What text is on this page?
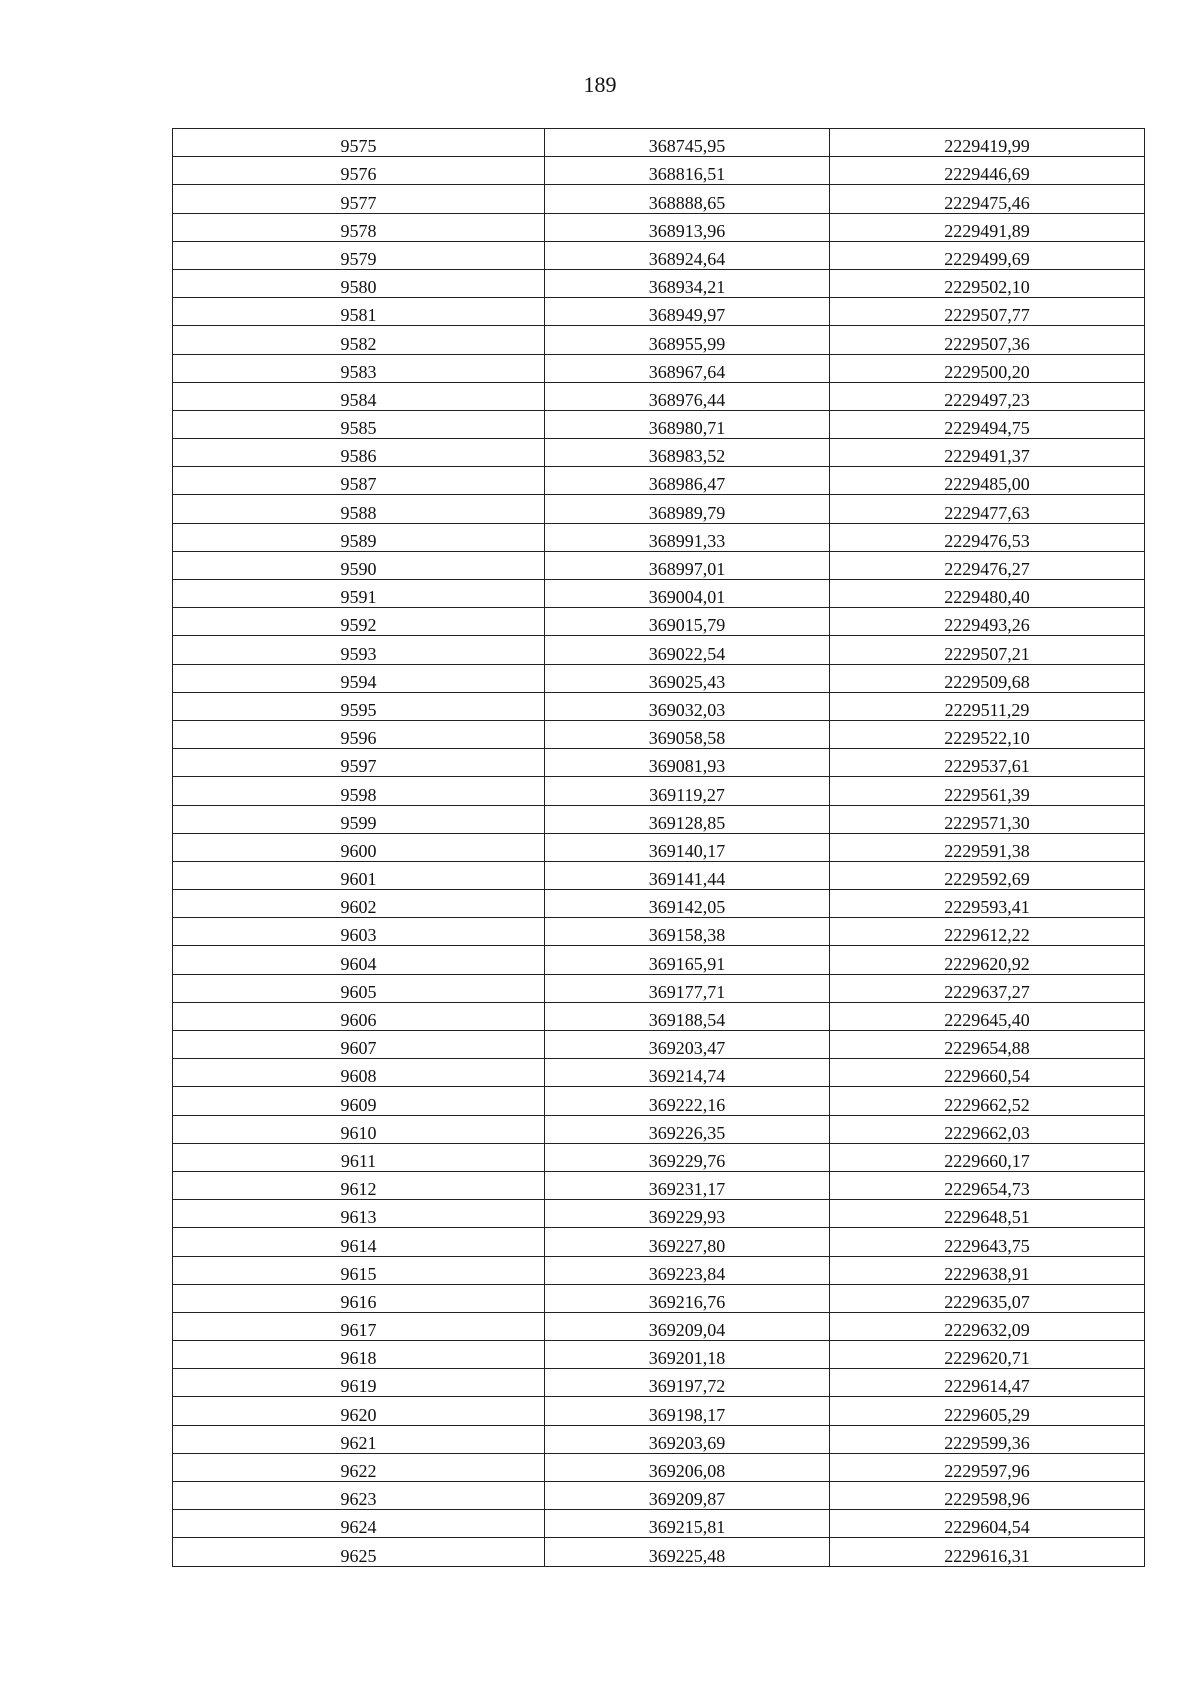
189
9575	368745,95	2229419,99
9576	368816,51	2229446,69
9577	368888,65	2229475,46
9578	368913,96	2229491,89
9579	368924,64	2229499,69
9580	368934,21	2229502,10
9581	368949,97	2229507,77
9582	368955,99	2229507,36
9583	368967,64	2229500,20
9584	368976,44	2229497,23
9585	368980,71	2229494,75
9586	368983,52	2229491,37
9587	368986,47	2229485,00
9588	368989,79	2229477,63
9589	368991,33	2229476,53
9590	368997,01	2229476,27
9591	369004,01	2229480,40
9592	369015,79	2229493,26
9593	369022,54	2229507,21
9594	369025,43	2229509,68
9595	369032,03	2229511,29
9596	369058,58	2229522,10
9597	369081,93	2229537,61
9598	369119,27	2229561,39
9599	369128,85	2229571,30
9600	369140,17	2229591,38
9601	369141,44	2229592,69
9602	369142,05	2229593,41
9603	369158,38	2229612,22
9604	369165,91	2229620,92
9605	369177,71	2229637,27
9606	369188,54	2229645,40
9607	369203,47	2229654,88
9608	369214,74	2229660,54
9609	369222,16	2229662,52
9610	369226,35	2229662,03
9611	369229,76	2229660,17
9612	369231,17	2229654,73
9613	369229,93	2229648,51
9614	369227,80	2229643,75
9615	369223,84	2229638,91
9616	369216,76	2229635,07
9617	369209,04	2229632,09
9618	369201,18	2229620,71
9619	369197,72	2229614,47
9620	369198,17	2229605,29
9621	369203,69	2229599,36
9622	369206,08	2229597,96
9623	369209,87	2229598,96
9624	369215,81	2229604,54
9625	369225,48	2229616,31
